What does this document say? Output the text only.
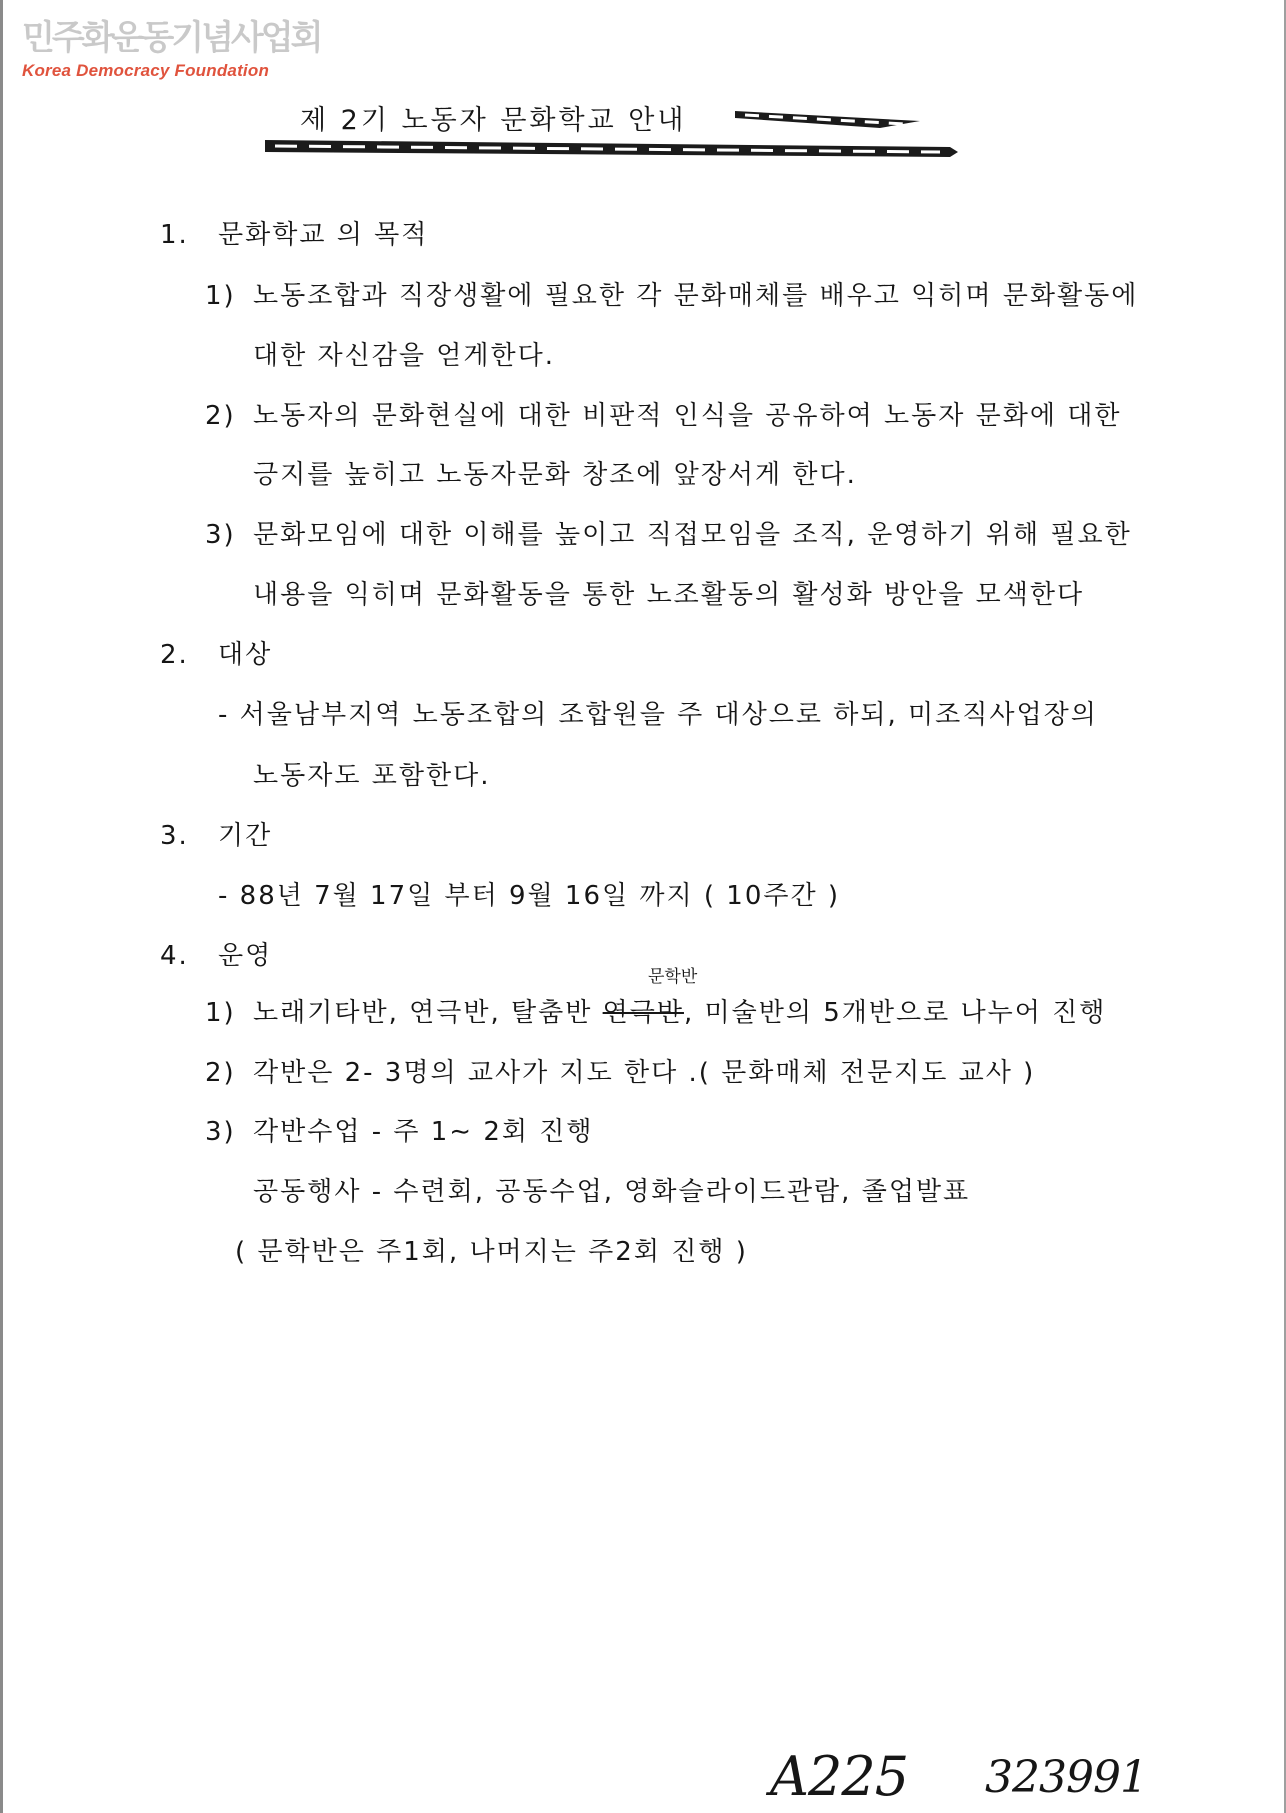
민주화운동기념사업회
Korea Democracy Foundation
제 2기 노동자 문화학교 안내
1. 문화학교 의 목적
1) 노동조합과 직장생활에 필요한 각 문화매체를 배우고 익히며 문화활동에
대한 자신감을 얻게한다.
2) 노동자의 문화현실에 대한 비판적 인식을 공유하여 노동자 문화에 대한
긍지를 높히고 노동자문화 창조에 앞장서게 한다.
3) 문화모임에 대한 이해를 높이고 직접모임을 조직, 운영하기 위해 필요한
내용을 익히며 문화활동을 통한 노조활동의 활성화 방안을 모색한다
2. 대상
- 서울남부지역 노동조합의 조합원을 주 대상으로 하되, 미조직사업장의
노동자도 포함한다.
3. 기간
- 88년 7월 17일 부터 9월 16일 까지 ( 10주간 )
4. 운영
문학반
1) 노래기타반, 연극반, 탈춤반 연극반, 미술반의 5개반으로 나누어 진행
2) 각반은 2- 3명의 교사가 지도 한다 .( 문화매체 전문지도 교사 )
3) 각반수업 - 주 1∼ 2회 진행
공동행사 - 수련회, 공동수업, 영화슬라이드관람, 졸업발표
( 문학반은 주1회, 나머지는 주2회 진행 )
A225 323991
